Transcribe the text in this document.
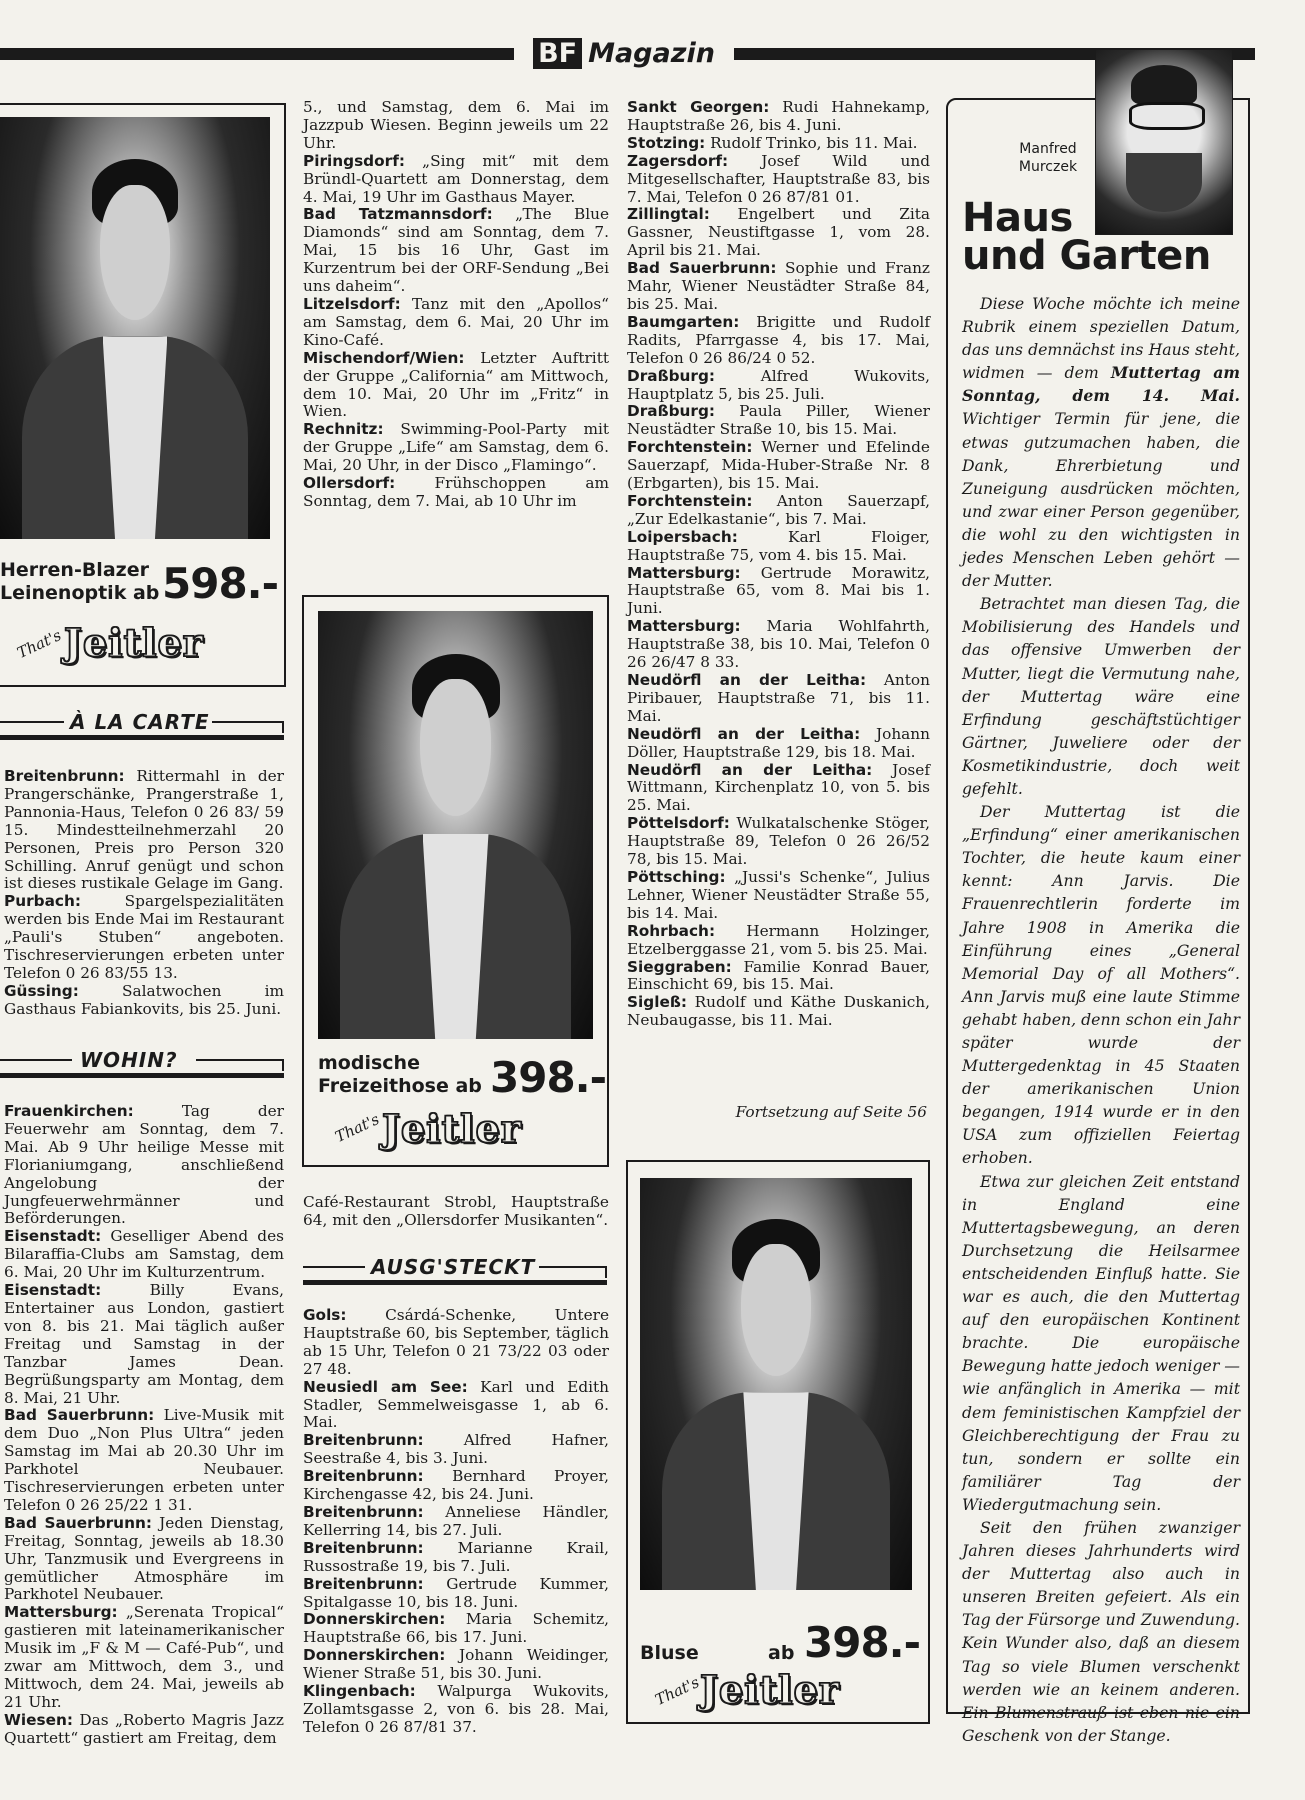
BF Magazin
Herren-Blazer
Leinenoptik ab 598.-
That's Jeitler
À LA CARTE

Breitenbrunn: Rittermahl in der Prangerschänke, Prangerstraße 1, Pannonia-Haus, Telefon 0 26 83/ 59 15. Mindestteilnehmerzahl 20 Personen, Preis pro Person 320 Schilling. Anruf genügt und schon ist dieses rustikale Gelage im Gang.

Purbach: Spargelspezialitäten werden bis Ende Mai im Restaurant „Pauli's Stuben“ angeboten. Tischreservierungen erbeten unter Telefon 0 26 83/55 13.

Güssing: Salatwochen im Gasthaus Fabiankovits, bis 25. Juni.

WOHIN?

Frauenkirchen: Tag der Feuerwehr am Sonntag, dem 7. Mai. Ab 9 Uhr heilige Messe mit Florianiumgang, anschließend Angelobung der Jungfeuerwehrmänner und Beförderungen.

Eisenstadt: Geselliger Abend des Bilaraffia-Clubs am Samstag, dem 6. Mai, 20 Uhr im Kulturzentrum.

Eisenstadt: Billy Evans, Entertainer aus London, gastiert von 8. bis 21. Mai täglich außer Freitag und Samstag in der Tanzbar James Dean. Begrüßungsparty am Montag, dem 8. Mai, 21 Uhr.

Bad Sauerbrunn: Live-Musik mit dem Duo „Non Plus Ultra“ jeden Samstag im Mai ab 20.30 Uhr im Parkhotel Neubauer. Tischreservierungen erbeten unter Telefon 0 26 25/22 1 31.

Bad Sauerbrunn: Jeden Dienstag, Freitag, Sonntag, jeweils ab 18.30 Uhr, Tanzmusik und Evergreens in gemütlicher Atmosphäre im Parkhotel Neubauer.

Mattersburg: „Serenata Tropical“ gastieren mit lateinamerikanischer Musik im „F & M — Café-Pub“, und zwar am Mittwoch, dem 3., und Mittwoch, dem 24. Mai, jeweils ab 21 Uhr.

Wiesen: Das „Roberto Magris Jazz Quartett“ gastiert am Freitag, dem

5., und Samstag, dem 6. Mai im Jazzpub Wiesen. Beginn jeweils um 22 Uhr.

Piringsdorf: „Sing mit“ mit dem Bründl-Quartett am Donnerstag, dem 4. Mai, 19 Uhr im Gasthaus Mayer.

Bad Tatzmannsdorf: „The Blue Diamonds“ sind am Sonntag, dem 7. Mai, 15 bis 16 Uhr, Gast im Kurzentrum bei der ORF-Sendung „Bei uns daheim“.

Litzelsdorf: Tanz mit den „Apollos“ am Samstag, dem 6. Mai, 20 Uhr im Kino-Café.

Mischendorf/Wien: Letzter Auftritt der Gruppe „California“ am Mittwoch, dem 10. Mai, 20 Uhr im „Fritz“ in Wien.

Rechnitz: Swimming-Pool-Party mit der Gruppe „Life“ am Samstag, dem 6. Mai, 20 Uhr, in der Disco „Flamingo“.

Ollersdorf: Frühschoppen am Sonntag, dem 7. Mai, ab 10 Uhr im

modische
Freizeithose ab 398.-
That's Jeitler

Café-Restaurant Strobl, Hauptstraße 64, mit den „Ollersdorfer Musikanten“.

AUSG'STECKT

Gols: Csárdá-Schenke, Untere Hauptstraße 60, bis September, täglich ab 15 Uhr, Telefon 0 21 73/22 03 oder 27 48.

Neusiedl am See: Karl und Edith Stadler, Semmelweisgasse 1, ab 6. Mai.

Breitenbrunn: Alfred Hafner, Seestraße 4, bis 3. Juni.

Breitenbrunn: Bernhard Proyer, Kirchengasse 42, bis 24. Juni.

Breitenbrunn: Anneliese Händler, Kellerring 14, bis 27. Juli.

Breitenbrunn: Marianne Krail, Russostraße 19, bis 7. Juli.

Breitenbrunn: Gertrude Kummer, Spitalgasse 10, bis 18. Juni.

Donnerskirchen: Maria Schemitz, Hauptstraße 66, bis 17. Juni.

Donnerskirchen: Johann Weidinger, Wiener Straße 51, bis 30. Juni.

Klingenbach: Walpurga Wukovits, Zollamtsgasse 2, von 6. bis 28. Mai, Telefon 0 26 87/81 37.

Sankt Georgen: Rudi Hahnekamp, Hauptstraße 26, bis 4. Juni.

Stotzing: Rudolf Trinko, bis 11. Mai.

Zagersdorf: Josef Wild und Mitgesellschafter, Hauptstraße 83, bis 7. Mai, Telefon 0 26 87/81 01.

Zillingtal: Engelbert und Zita Gassner, Neustiftgasse 1, vom 28. April bis 21. Mai.

Bad Sauerbrunn: Sophie und Franz Mahr, Wiener Neustädter Straße 84, bis 25. Mai.

Baumgarten: Brigitte und Rudolf Radits, Pfarrgasse 4, bis 17. Mai, Telefon 0 26 86/24 0 52.

Draßburg: Alfred Wukovits, Hauptplatz 5, bis 25. Juli.

Draßburg: Paula Piller, Wiener Neustädter Straße 10, bis 15. Mai.

Forchtenstein: Werner und Efelinde Sauerzapf, Mida-Huber-Straße Nr. 8 (Erbgarten), bis 15. Mai.

Forchtenstein: Anton Sauerzapf, „Zur Edelkastanie“, bis 7. Mai.

Loipersbach: Karl Floiger, Hauptstraße 75, vom 4. bis 15. Mai.

Mattersburg: Gertrude Morawitz, Hauptstraße 65, vom 8. Mai bis 1. Juni.

Mattersburg: Maria Wohlfahrth, Hauptstraße 38, bis 10. Mai, Telefon 0 26 26/47 8 33.

Neudörfl an der Leitha: Anton Piribauer, Hauptstraße 71, bis 11. Mai.

Neudörfl an der Leitha: Johann Döller, Hauptstraße 129, bis 18. Mai.

Neudörfl an der Leitha: Josef Wittmann, Kirchenplatz 10, von 5. bis 25. Mai.

Pöttelsdorf: Wulkatalschenke Stöger, Hauptstraße 89, Telefon 0 26 26/52 78, bis 15. Mai.

Pöttsching: „Jussi's Schenke“, Julius Lehner, Wiener Neustädter Straße 55, bis 14. Mai.

Rohrbach: Hermann Holzinger, Etzelberggasse 21, vom 5. bis 25. Mai.

Sieggraben: Familie Konrad Bauer, Einschicht 69, bis 15. Mai.

Sigleß: Rudolf und Käthe Duskanich, Neubaugasse, bis 11. Mai.

Fortsetzung auf Seite 56
Bluse	ab 398.-
That's
Jeitler
Manfred
Murczek
Haus
und Garten

Diese Woche möchte ich meine Rubrik einem speziellen Datum, das uns demnächst ins Haus steht, widmen — dem Muttertag am Sonntag, dem 14. Mai. Wichtiger Termin für jene, die etwas gutzumachen haben, die Dank, Ehrerbietung und Zuneigung ausdrücken möchten, und zwar einer Person gegenüber, die wohl zu den wichtigsten in jedes Menschen Leben gehört — der Mutter.

Betrachtet man diesen Tag, die Mobilisierung des Handels und das offensive Umwerben der Mutter, liegt die Vermutung nahe, der Muttertag wäre eine Erfindung geschäftstüchtiger Gärtner, Juweliere oder der Kosmetikindustrie, doch weit gefehlt.

Der Muttertag ist die „Erfindung“ einer amerikanischen Tochter, die heute kaum einer kennt: Ann Jarvis. Die Frauenrechtlerin forderte im Jahre 1908 in Amerika die Einführung eines „General Memorial Day of all Mothers“. Ann Jarvis muß eine laute Stimme gehabt haben, denn schon ein Jahr später wurde der Muttergedenktag in 45 Staaten der amerikanischen Union begangen, 1914 wurde er in den USA zum offiziellen Feiertag erhoben.

Etwa zur gleichen Zeit entstand in England eine Muttertagsbewegung, an deren Durchsetzung die Heilsarmee entscheidenden Einfluß hatte. Sie war es auch, die den Muttertag auf den europäischen Kontinent brachte. Die europäische Bewegung hatte jedoch weniger — wie anfänglich in Amerika — mit dem feministischen Kampfziel der Gleichberechtigung der Frau zu tun, sondern er sollte ein familiärer Tag der Wiedergutmachung sein.

Seit den frühen zwanziger Jahren dieses Jahrhunderts wird der Muttertag also auch in unseren Breiten gefeiert. Als ein Tag der Fürsorge und Zuwendung. Kein Wunder also, daß an diesem Tag so viele Blumen verschenkt werden wie an keinem anderen. Ein Blumenstrauß ist eben nie ein Geschenk von der Stange.
